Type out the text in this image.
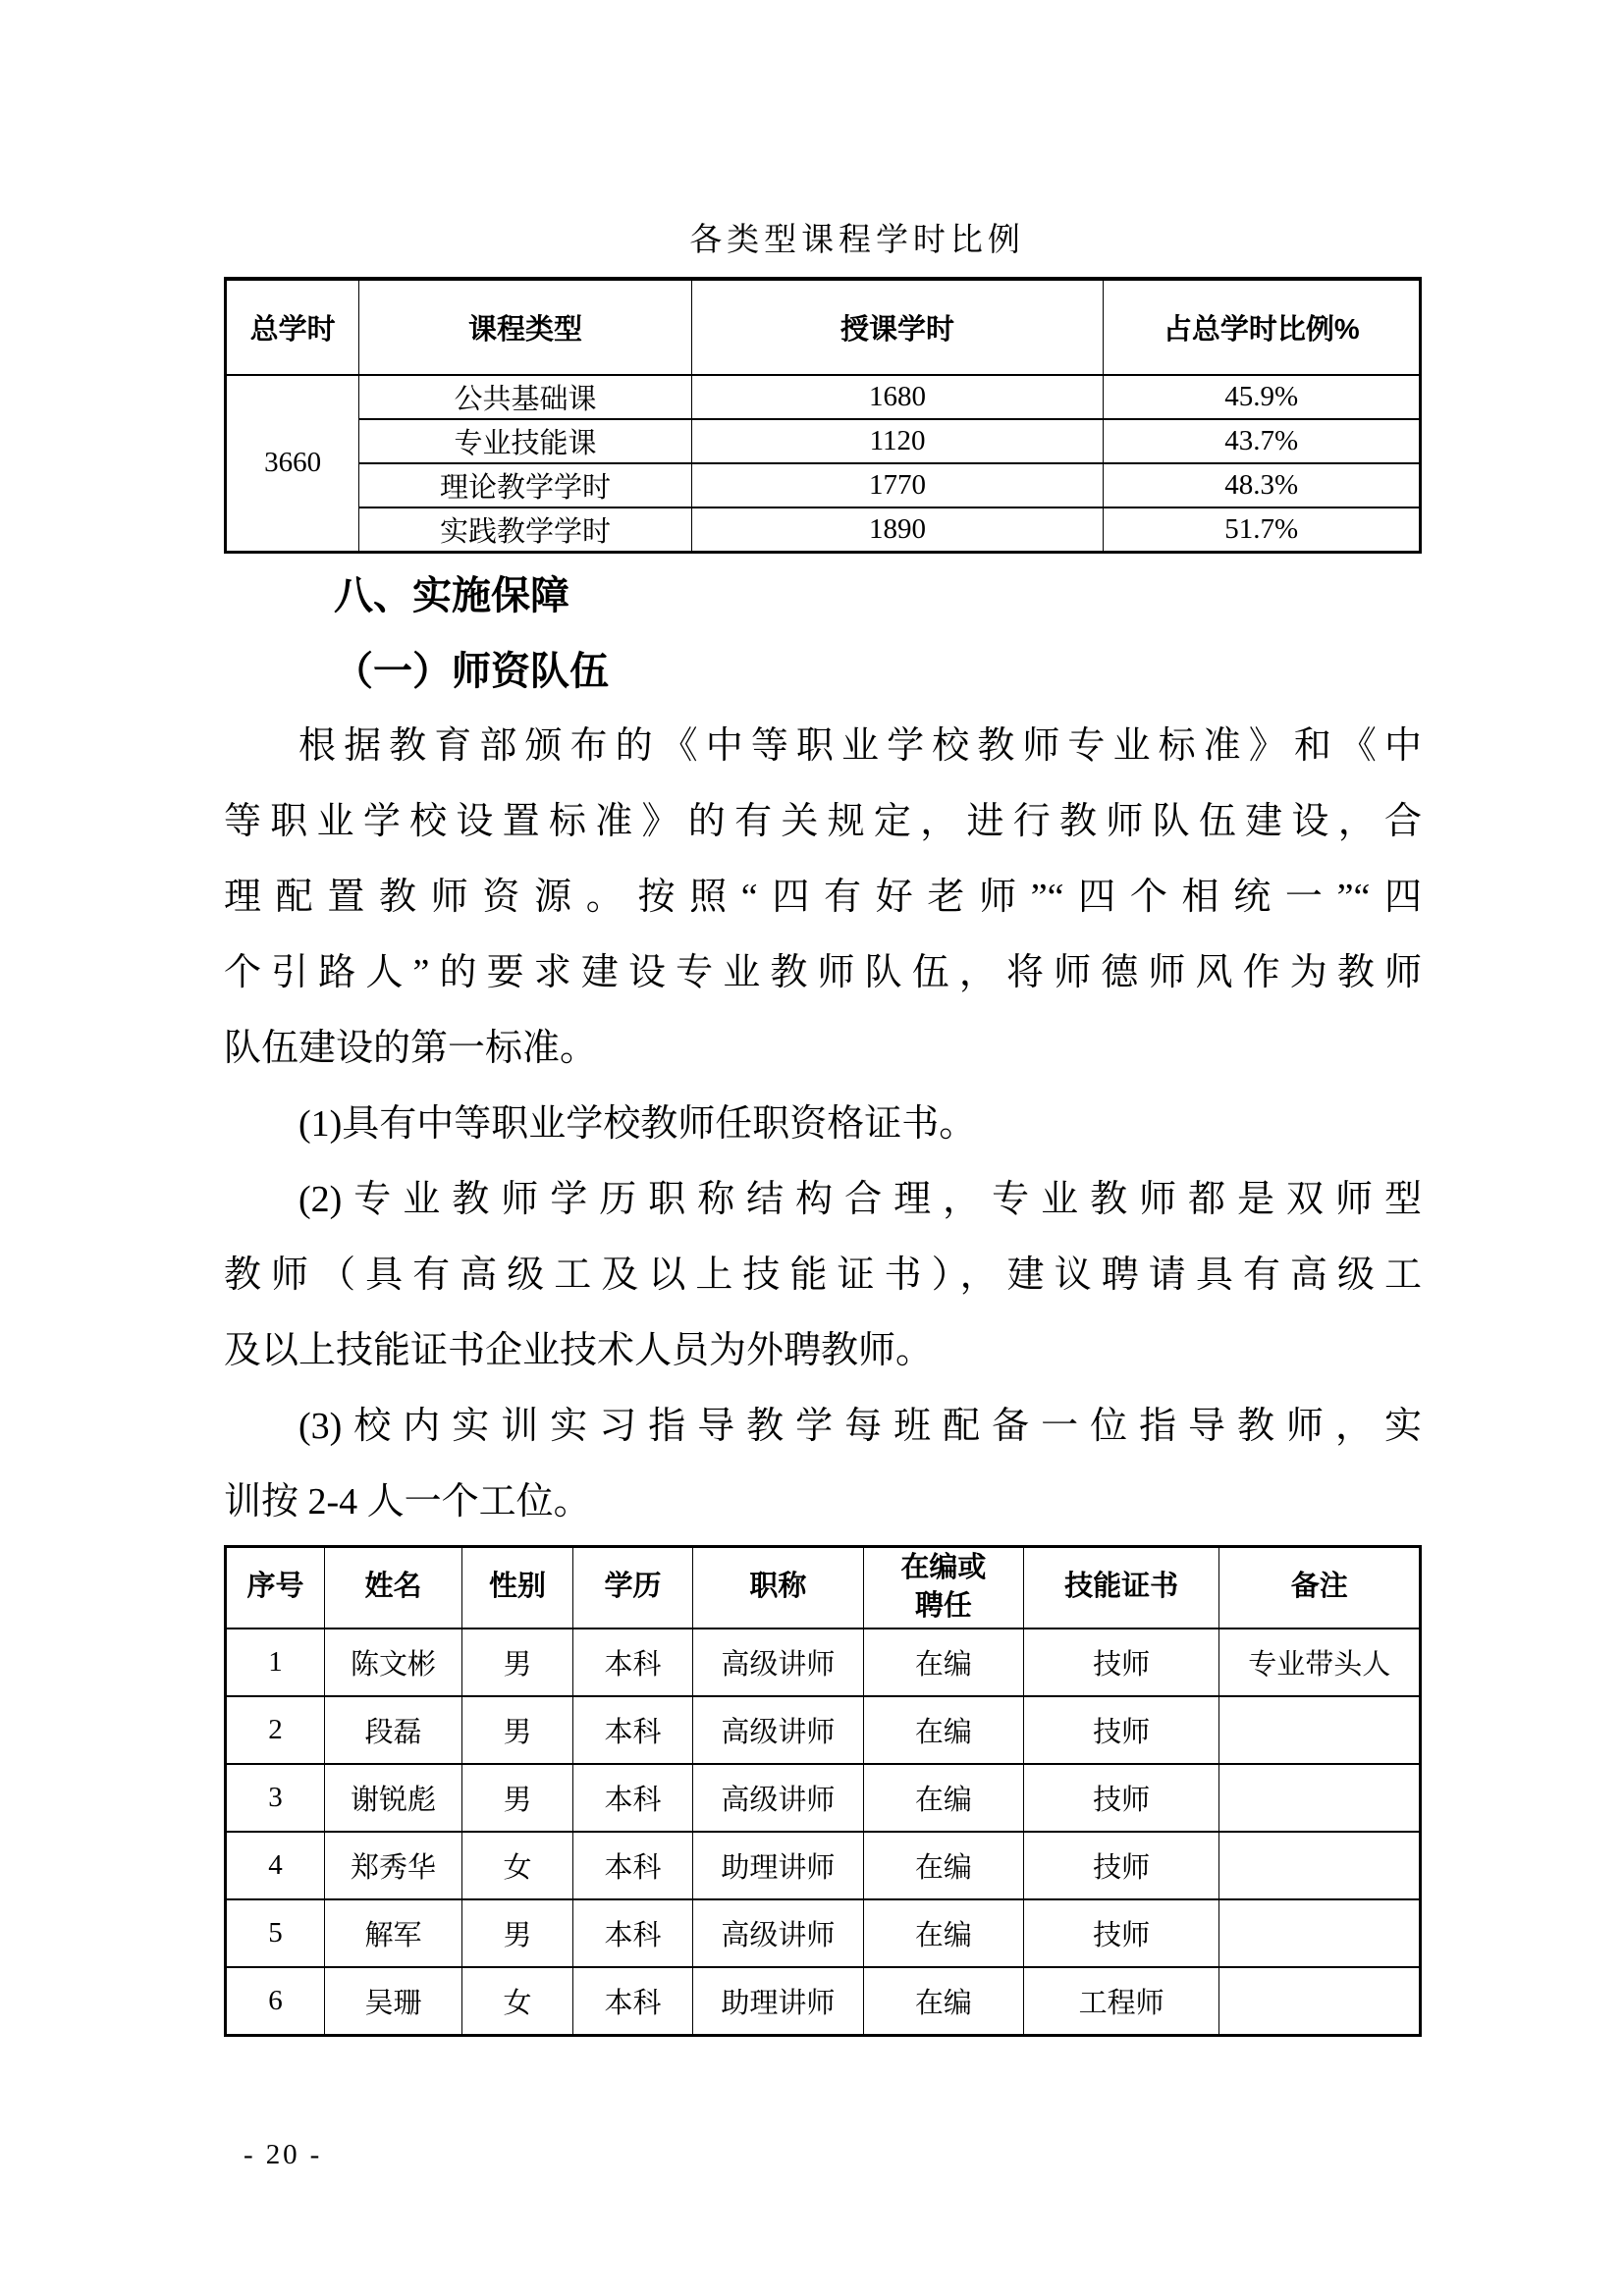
各类型课程学时比例
总学时	课程类型	授课学时	占总学时比例%
3660	公共基础课	1680	45.9%
	专业技能课	1120	43.7%
	理论教学学时	1770	48.3%
	实践教学学时	1890	51.7%
八、实施保障
（一）师资队伍
根据教育部颁布的《中等职业学校教师专业标准》和《中
等职业学校设置标准》的有关规定，进行教师队伍建设，合
理配置教师资源。按照“四有好老师”“四个相统一”“四
个引路人”的要求建设专业教师队伍，将师德师风作为教师
队伍建设的第一标准。
(1)具有中等职业学校教师任职资格证书。
(2)专业教师学历职称结构合理，专业教师都是双师型
教师（具有高级工及以上技能证书），建议聘请具有高级工
及以上技能证书企业技术人员为外聘教师。
(3)校内实训实习指导教学每班配备一位指导教师，实
训按 2-4 人一个工位。
序号	姓名	性别	学历	职称	在编或聘任	技能证书	备注
1	陈文彬	男	本科	高级讲师	在编	技师	专业带头人
2	段磊	男	本科	高级讲师	在编	技师	
3	谢锐彪	男	本科	高级讲师	在编	技师	
4	郑秀华	女	本科	助理讲师	在编	技师	
5	解军	男	本科	高级讲师	在编	技师	
6	吴珊	女	本科	助理讲师	在编	工程师	
- 20 -
